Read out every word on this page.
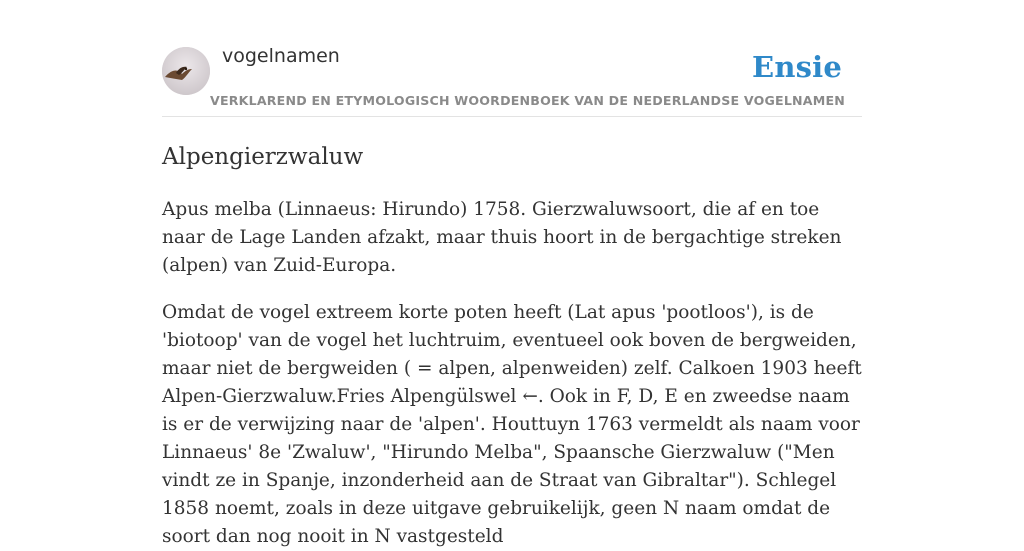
vogelnamen	Ensie
VERKLAREND EN ETYMOLOGISCH WOORDENBOEK VAN DE NEDERLANDSE VOGELNAMEN
Alpengierzwaluw

Apus melba (Linnaeus: Hirundo) 1758. Gierzwaluwsoort, die af en toe naar de Lage Landen afzakt, maar thuis hoort in de bergachtige streken (alpen) van Zuid-Europa.

Omdat de vogel extreem korte poten heeft (Lat apus 'pootloos'), is de 'biotoop' van de vogel het luchtruim, eventueel ook boven de bergweiden, maar niet de bergweiden ( = alpen, alpenweiden) zelf. Calkoen 1903 heeft Alpen-Gierzwaluw.Fries Alpengülswel ←. Ook in F, D, E en zweedse naam is er de verwijzing naar de 'alpen'. Houttuyn 1763 vermeldt als naam voor Linnaeus' 8e 'Zwaluw', "Hirundo Melba", Spaansche Gierzwaluw ("Men vindt ze in Spanje, inzonderheid aan de Straat van Gibraltar"). Schlegel 1858 noemt, zoals in deze uitgave gebruikelijk, geen N naam omdat de soort dan nog nooit in N vastgesteld
